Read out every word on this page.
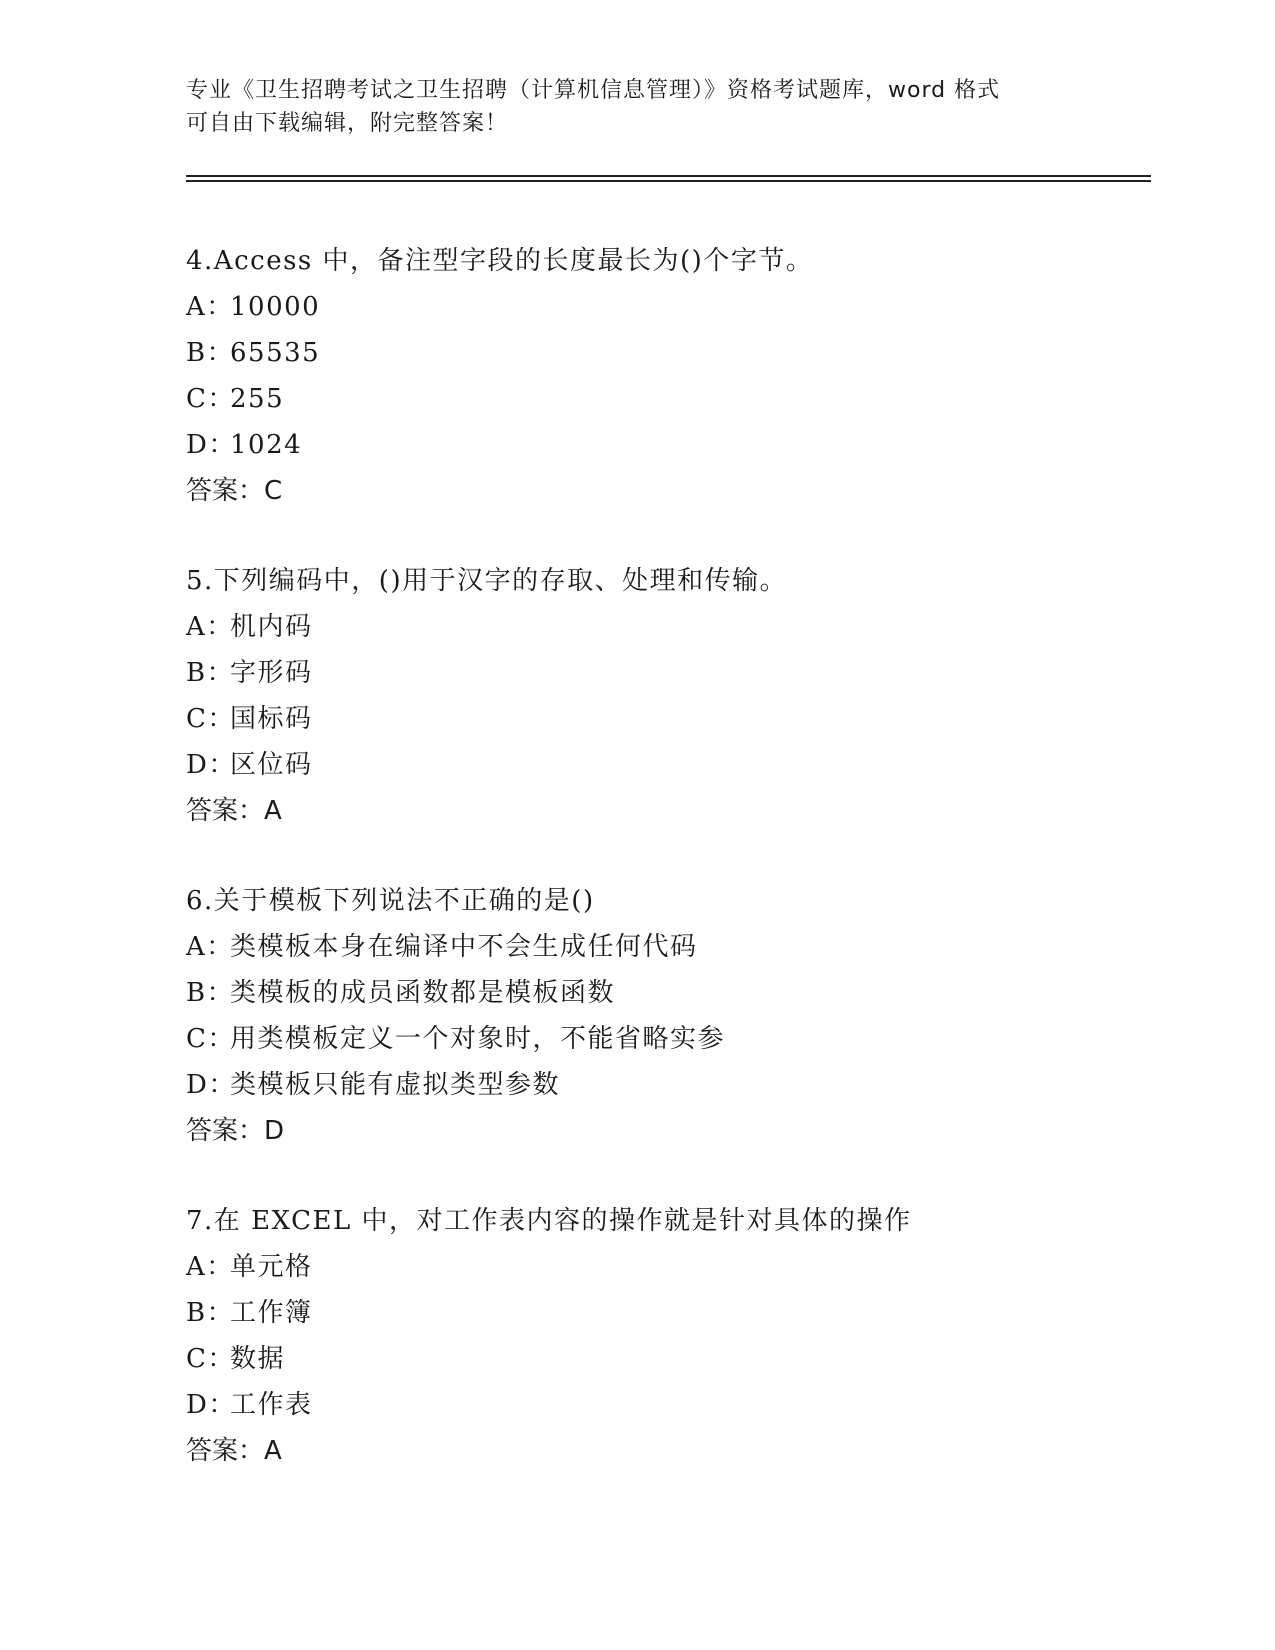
专业《卫生招聘考试之卫生招聘（计算机信息管理）》资格考试题库，word 格式
可自由下载编辑，附完整答案！
4.Access 中，备注型字段的长度最长为()个字节。
A：10000
B：65535
C：255
D：1024
答案：C
5.下列编码中，()用于汉字的存取、处理和传输。
A：机内码
B：字形码
C：国标码
D：区位码
答案：A
6.关于模板下列说法不正确的是()
A：类模板本身在编译中不会生成任何代码
B：类模板的成员函数都是模板函数
C：用类模板定义一个对象时，不能省略实参
D：类模板只能有虚拟类型参数
答案：D
7.在 EXCEL 中，对工作表内容的操作就是针对具体的操作
A：单元格
B：工作簿
C：数据
D：工作表
答案：A
